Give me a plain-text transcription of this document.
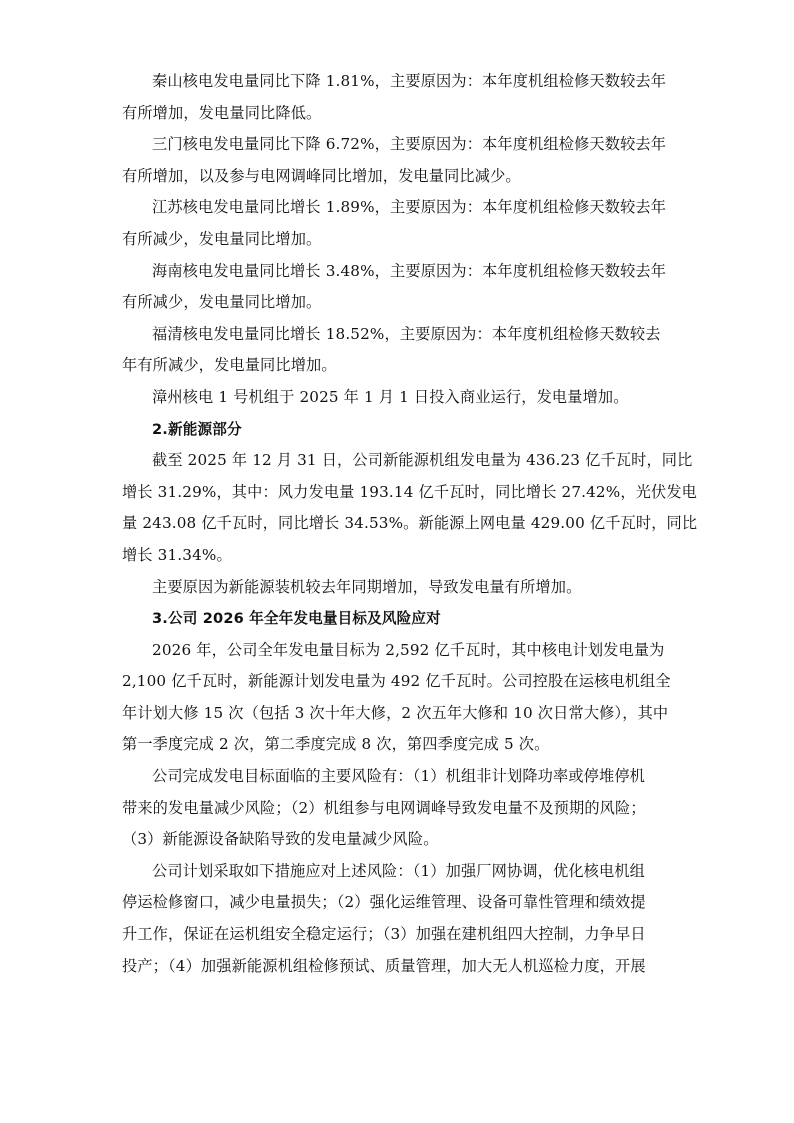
秦山核电发电量同比下降 1.81%，主要原因为：本年度机组检修天数较去年
有所增加，发电量同比降低。
三门核电发电量同比下降 6.72%，主要原因为：本年度机组检修天数较去年
有所增加，以及参与电网调峰同比增加，发电量同比减少。
江苏核电发电量同比增长 1.89%，主要原因为：本年度机组检修天数较去年
有所减少，发电量同比增加。
海南核电发电量同比增长 3.48%，主要原因为：本年度机组检修天数较去年
有所减少，发电量同比增加。
福清核电发电量同比增长 18.52%，主要原因为：本年度机组检修天数较去
年有所减少，发电量同比增加。
漳州核电 1 号机组于 2025 年 1 月 1 日投入商业运行，发电量增加。
2.新能源部分
截至 2025 年 12 月 31 日，公司新能源机组发电量为 436.23 亿千瓦时，同比
增长 31.29%，其中：风力发电量 193.14 亿千瓦时，同比增长 27.42%，光伏发电
量 243.08 亿千瓦时，同比增长 34.53%。新能源上网电量 429.00 亿千瓦时，同比
增长 31.34%。
主要原因为新能源装机较去年同期增加，导致发电量有所增加。
3.公司 2026 年全年发电量目标及风险应对
2026 年，公司全年发电量目标为 2,592 亿千瓦时，其中核电计划发电量为
2,100 亿千瓦时，新能源计划发电量为 492 亿千瓦时。公司控股在运核电机组全
年计划大修 15 次（包括 3 次十年大修，2 次五年大修和 10 次日常大修），其中
第一季度完成 2 次，第二季度完成 8 次，第四季度完成 5 次。
公司完成发电目标面临的主要风险有：（1）机组非计划降功率或停堆停机
带来的发电量减少风险；（2）机组参与电网调峰导致发电量不及预期的风险；
（3）新能源设备缺陷导致的发电量减少风险。
公司计划采取如下措施应对上述风险：（1）加强厂网协调，优化核电机组
停运检修窗口，减少电量损失；（2）强化运维管理、设备可靠性管理和绩效提
升工作，保证在运机组安全稳定运行；（3）加强在建机组四大控制，力争早日
投产；（4）加强新能源机组检修预试、质量管理，加大无人机巡检力度，开展
